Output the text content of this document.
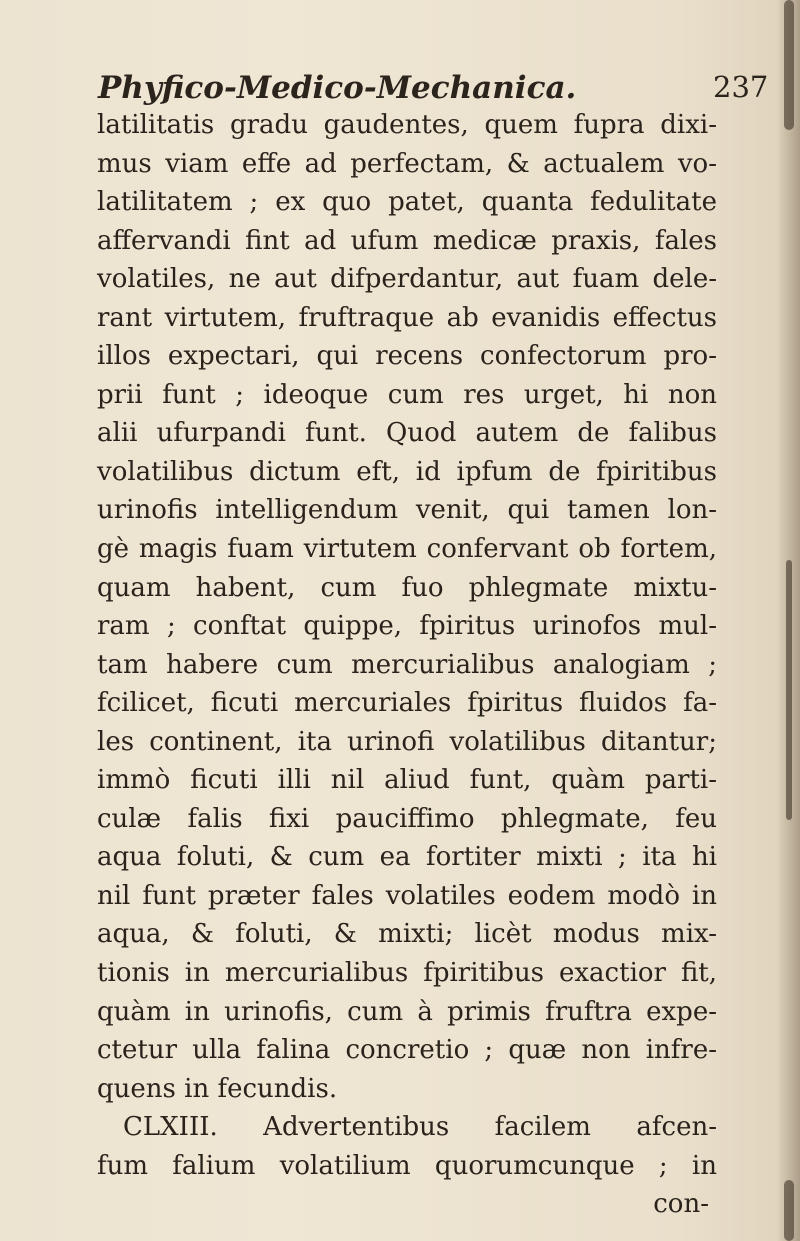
Phyfico-Medico-Mechanica.	237
latilitatis gradu gaudentes, quem fupra dixi-
mus viam effe ad perfectam, & actualem vo-
latilitatem ; ex quo patet, quanta fedulitate
affervandi fint ad ufum medicæ praxis, fales
volatiles, ne aut difperdantur, aut fuam dele-
rant virtutem, fruftraque ab evanidis effectus
illos expectari, qui recens confectorum pro-
prii funt ; ideoque cum res urget, hi non
alii ufurpandi funt. Quod autem de falibus
volatilibus dictum eft, id ipfum de fpiritibus
urinofis intelligendum venit, qui tamen lon-
gè magis fuam virtutem confervant ob fortem,
quam habent, cum fuo phlegmate mixtu-
ram ; conftat quippe, fpiritus urinofos mul-
tam habere cum mercurialibus analogiam ;
fcilicet, ficuti mercuriales fpiritus fluidos fa-
les continent, ita urinofi volatilibus ditantur;
immò ficuti illi nil aliud funt, quàm parti-
culæ falis fixi pauciffimo phlegmate, feu
aqua foluti, & cum ea fortiter mixti ; ita hi
nil funt præter fales volatiles eodem modò in
aqua, & foluti, & mixti; licèt modus mix-
tionis in mercurialibus fpiritibus exactior fit,
quàm in urinofis, cum à primis fruftra expe-
ctetur ulla falina concretio ; quæ non infre-
quens in fecundis.
CLXIII. Advertentibus facilem afcen-
fum falium volatilium quorumcunque ; in
con-
